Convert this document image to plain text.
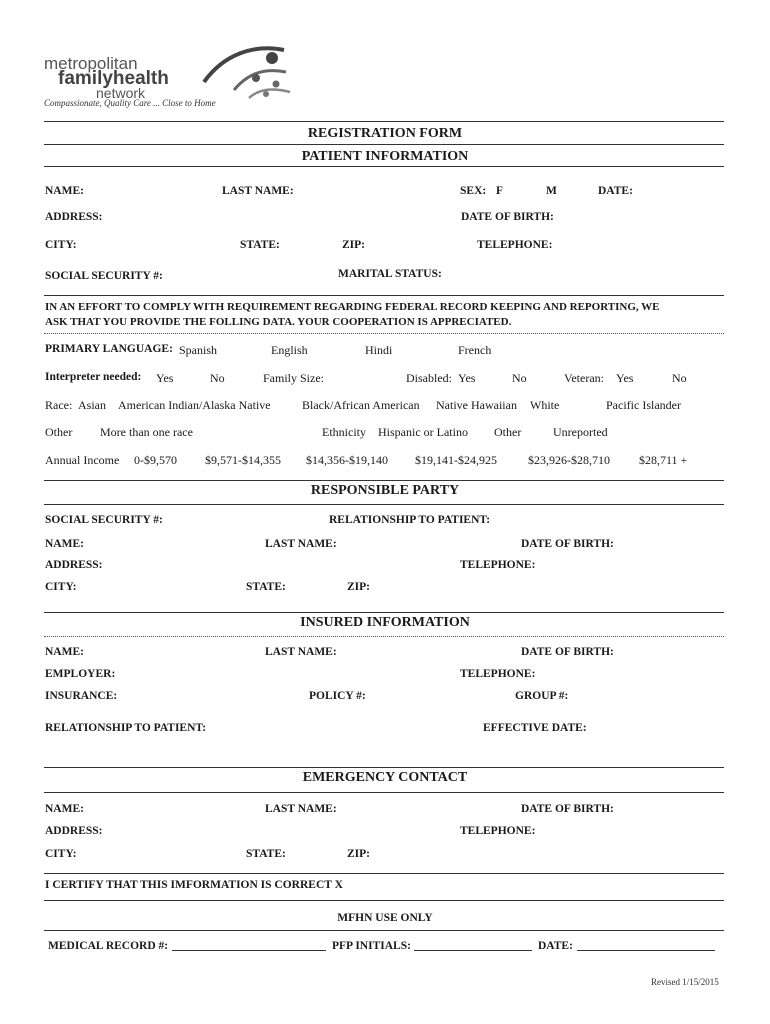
metropolitan
familyhealth
network
Compassionate, Quality Care ... Close to Home
REGISTRATION FORM
PATIENT INFORMATION
NAME:	LAST NAME:	SEX: F	M	DATE:
ADDRESS:	DATE OF BIRTH:
CITY:	STATE:	ZIP:	TELEPHONE:
SOCIAL SECURITY #:	MARITAL STATUS:
IN AN EFFORT TO COMPLY WITH REQUIREMENT REGARDING FEDERAL RECORD KEEPING AND REPORTING, WE
ASK THAT YOU PROVIDE THE FOLLING DATA. YOUR COOPERATION IS APPRECIATED.
PRIMARY LANGUAGE: Spanish	English	Hindi	French
Interpreter needed: Yes	No	Family Size:	Disabled: Yes	No	Veteran: Yes	No
Race: Asian American Indian/Alaska Native	Black/African American Native Hawaiian White	Pacific Islander
Other More than one race	Ethnicity Hispanic or Latino Other	Unreported
Annual Income 0-$9,570 $9,571-$14,355 $14,356-$19,140 $19,141-$24,925	$23,926-$28,710 $28,711 +
RESPONSIBLE PARTY
SOCIAL SECURITY #:	RELATIONSHIP TO PATIENT:
NAME:	LAST NAME:	DATE OF BIRTH:
ADDRESS:	TELEPHONE:
CITY:	STATE:	ZIP:
INSURED INFORMATION
NAME:	LAST NAME:	DATE OF BIRTH:
EMPLOYER:	TELEPHONE:
INSURANCE:	POLICY #:	GROUP #:
RELATIONSHIP TO PATIENT:	EFFECTIVE DATE:
EMERGENCY CONTACT
NAME:	LAST NAME:	DATE OF BIRTH:
ADDRESS:	TELEPHONE:
CITY:	STATE:	ZIP:
I CERTIFY THAT THIS IMFORMATION IS CORRECT X
MFHN USE ONLY
MEDICAL RECORD #:	PFP INITIALS:	DATE:
Revised 1/15/2015
